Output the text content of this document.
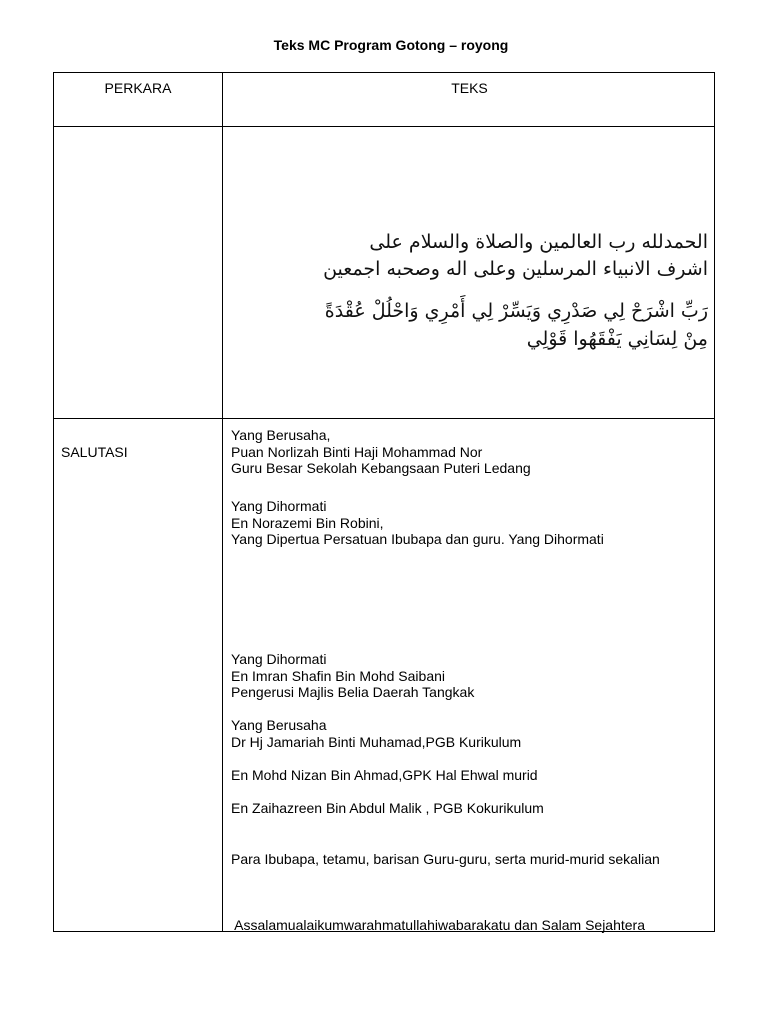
Teks MC Program Gotong – royong
PERKARA	TEKS
الحمدلله رب العالمين والصلاة والسلام على
اشرف الانبياء المرسلين وعلى اله وصحبه اجمعين
رَبِّ اشْرَحْ لِي صَدْرِي وَيَسِّرْ لِي أَمْرِي وَاحْلُلْ عُقْدَةً
مِنْ لِسَانِي يَفْقَهُوا قَوْلِي
SALUTASI
Yang Berusaha,
Puan Norlizah Binti Haji Mohammad Nor
Guru Besar Sekolah Kebangsaan Puteri Ledang
Yang Dihormati
En Norazemi Bin Robini,
Yang Dipertua Persatuan Ibubapa dan guru. Yang Dihormati
Yang Dihormati
En Imran Shafin Bin Mohd Saibani
Pengerusi Majlis Belia Daerah Tangkak
Yang Berusaha
Dr Hj Jamariah Binti Muhamad,PGB Kurikulum
En Mohd Nizan Bin Ahmad,GPK Hal Ehwal murid
En Zaihazreen Bin Abdul Malik , PGB Kokurikulum
Para Ibubapa, tetamu, barisan Guru-guru, serta murid-murid sekalian

Assalamualaikumwarahmatullahiwabarakatu dan Salam Sejahtera
